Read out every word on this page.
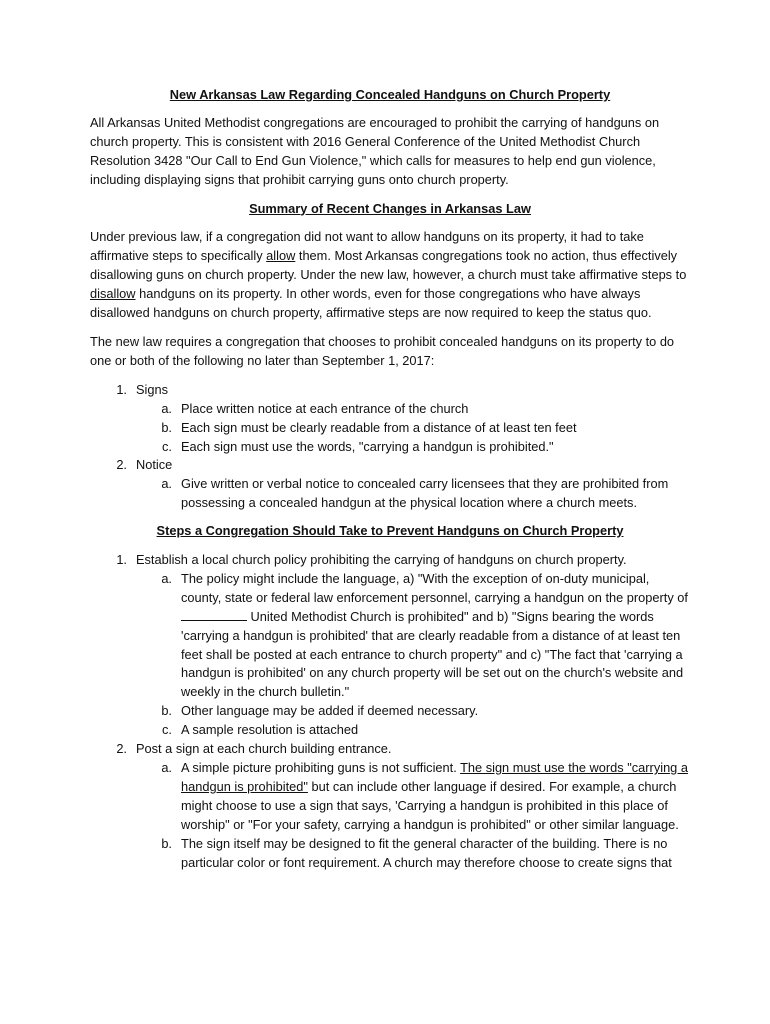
New Arkansas Law Regarding Concealed Handguns on Church Property

All Arkansas United Methodist congregations are encouraged to prohibit the carrying of handguns on church property. This is consistent with 2016 General Conference of the United Methodist Church Resolution 3428 "Our Call to End Gun Violence," which calls for measures to help end gun violence, including displaying signs that prohibit carrying guns onto church property.

Summary of Recent Changes in Arkansas Law

Under previous law, if a congregation did not want to allow handguns on its property, it had to take affirmative steps to specifically allow them. Most Arkansas congregations took no action, thus effectively disallowing guns on church property. Under the new law, however, a church must take affirmative steps to disallow handguns on its property. In other words, even for those congregations who have always disallowed handguns on church property, affirmative steps are now required to keep the status quo.

The new law requires a congregation that chooses to prohibit concealed handguns on its property to do one or both of the following no later than September 1, 2017:

1. Signs
a. Place written notice at each entrance of the church
b. Each sign must be clearly readable from a distance of at least ten feet
c. Each sign must use the words, "carrying a handgun is prohibited."
2. Notice
a. Give written or verbal notice to concealed carry licensees that they are prohibited from possessing a concealed handgun at the physical location where a church meets.

Steps a Congregation Should Take to Prevent Handguns on Church Property

1. Establish a local church policy prohibiting the carrying of handguns on church property.
a. The policy might include the language, a) "With the exception of on-duty municipal, county, state or federal law enforcement personnel, carrying a handgun on the property of  United Methodist Church is prohibited" and b) "Signs bearing the words 'carrying a handgun is prohibited' that are clearly readable from a distance of at least ten feet shall be posted at each entrance to church property" and c) "The fact that 'carrying a handgun is prohibited' on any church property will be set out on the church's website and weekly in the church bulletin."
b. Other language may be added if deemed necessary.
c. A sample resolution is attached
2. Post a sign at each church building entrance.
a. A simple picture prohibiting guns is not sufficient. The sign must use the words "carrying a handgun is prohibited" but can include other language if desired. For example, a church might choose to use a sign that says, 'Carrying a handgun is prohibited in this place of worship" or "For your safety, carrying a handgun is prohibited" or other similar language.
b. The sign itself may be designed to fit the general character of the building. There is no particular color or font requirement. A church may therefore choose to create signs that
